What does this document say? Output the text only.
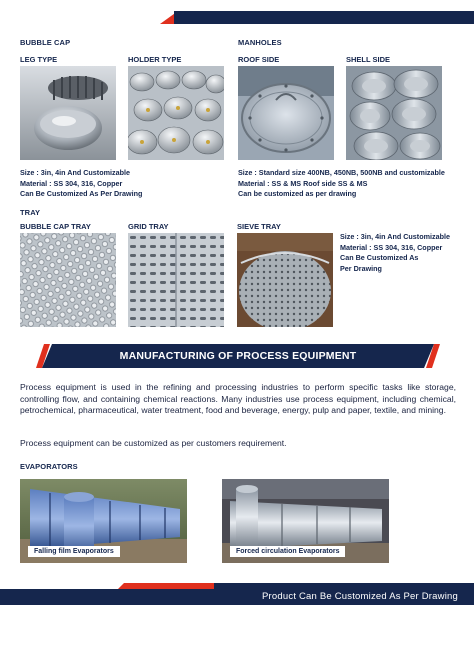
BUBBLE CAP
LEG TYPE	HOLDER TYPE
Size : 3in, 4in And Customizable
Material : SS 304, 316, Copper
Can Be Customized As Per Drawing
MANHOLES
ROOF SIDE	SHELL SIDE
Size : Standard size 400NB, 450NB, 500NB and customizable
Material : SS & MS Roof side SS & MS
Can be customized as per drawing
TRAY
BUBBLE CAP TRAY	GRID TRAY	SIEVE TRAY
Size : 3in, 4in And Customizable
Material : SS 304, 316, Copper
Can Be Customized As
Per Drawing
MANUFACTURING OF PROCESS EQUIPMENT
Process equipment is used in the refining and processing industries to perform specific tasks like storage, controlling flow, and containing chemical reactions. Many industries use process equipment, including chemical, petrochemical, pharmaceutical, water treatment, food and beverage, energy, pulp and paper, textile, and mining.
Process equipment can be customized as per customers requirement.
EVAPORATORS
Falling film Evaporators	Forced circulation Evaporators
Product Can Be Customized As Per Drawing
